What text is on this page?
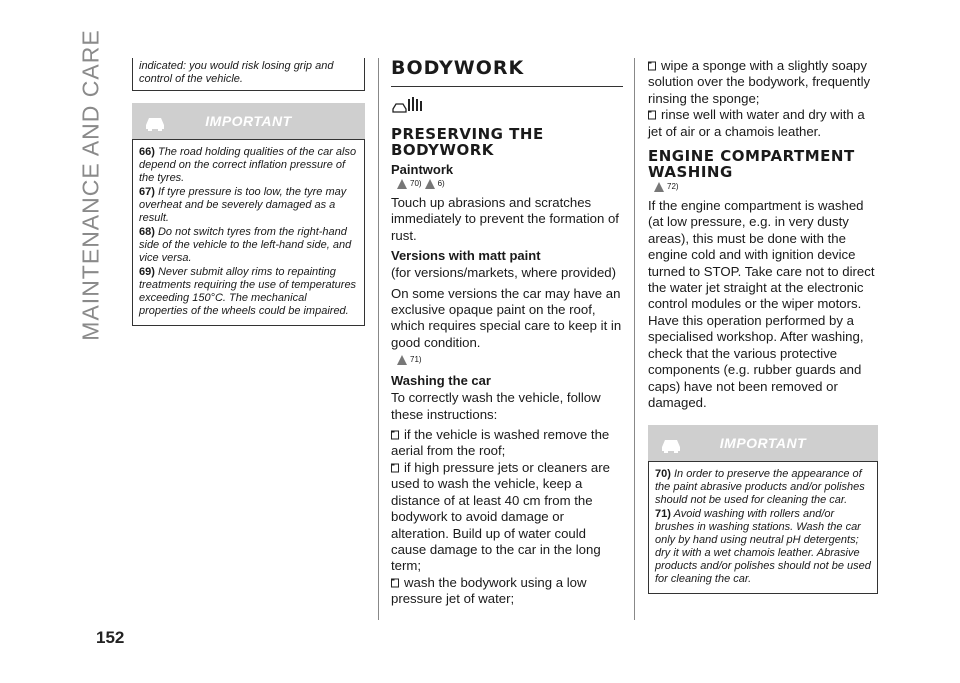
MAINTENANCE AND CARE
152
indicated: you would risk losing grip and control of the vehicle.
IMPORTANT

66) The road holding qualities of the car also depend on the correct inflation pressure of the tyres.

67) If tyre pressure is too low, the tyre may overheat and be severely damaged as a result.

68) Do not switch tyres from the right-hand side of the vehicle to the left-hand side, and vice versa.

69) Never submit alloy rims to repainting treatments requiring the use of temperatures exceeding 150°C. The mechanical properties of the wheels could be impaired.

BODYWORK
PRESERVING THE BODYWORK
Paintwork
70) 6)

Touch up abrasions and scratches immediately to prevent the formation of rust.

Versions with matt paint

(for versions/markets, where provided)

On some versions the car may have an exclusive opaque paint on the roof, which requires special care to keep it in good condition.

71)
Washing the car

To correctly wash the vehicle, follow these instructions:

if the vehicle is washed remove the aerial from the roof;

if high pressure jets or cleaners are used to wash the vehicle, keep a distance of at least 40 cm from the bodywork to avoid damage or alteration. Build up of water could cause damage to the car in the long term;

wash the bodywork using a low pressure jet of water;

wipe a sponge with a slightly soapy solution over the bodywork, frequently rinsing the sponge;

rinse well with water and dry with a jet of air or a chamois leather.

ENGINE COMPARTMENT WASHING
72)

If the engine compartment is washed (at low pressure, e.g. in very dusty areas), this must be done with the engine cold and with ignition device turned to STOP. Take care not to direct the water jet straight at the electronic control modules or the wiper motors. Have this operation performed by a specialised workshop. After washing, check that the various protective components (e.g. rubber guards and caps) have not been removed or damaged.

IMPORTANT

70) In order to preserve the appearance of the paint abrasive products and/or polishes should not be used for cleaning the car.

71) Avoid washing with rollers and/or brushes in washing stations. Wash the car only by hand using neutral pH detergents; dry it with a wet chamois leather. Abrasive products and/or polishes should not be used for cleaning the car.
